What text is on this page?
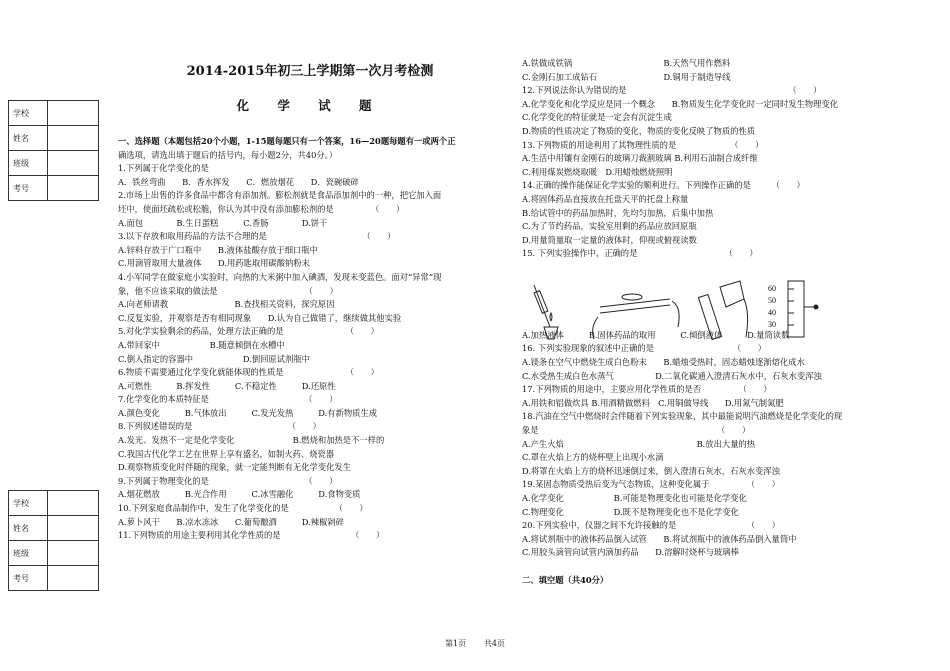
2014-2015年初三上学期第一次月考检测
化 学 试 题
学校	
姓名	
班级	
考号	
学校	
姓名	
班级	
考号	
一、选择题（本题包括20个小题，1-15题每题只有一个答案，16—20题每题有一或两个正
确选项，请选出填于题后的括号内，每小题2分，共40分。）
1.下列属于化学变化的是
A．铁丝弯曲　　B．香水挥发　　C．燃放烟花　　D．瓷碗破碎
2.市场上出售的许多食品中都含有添加剂。膨松剂就是食品添加剂中的一种，把它加入面
坯中，使面坯疏松或松脆，你认为其中没有添加膨松剂的是　　　　　（　　）
A.面包　　　　B.生日蛋糕　　　C.香肠　　　　D.饼干
3.以下存放和取用药品的方法不合理的是　　　　　　　　　　　　（　　）
A.锌料存放于广口瓶中　　B.液体盐酸存放于细口瓶中
C.用滴管取用大量液体　　D.用药匙取用碳酸钠粉末
4.小军同学在做家庭小实验时，向热的大米粥中加入碘酒，发现未变蓝色。面对“异常”现
象，他不应该采取的做法是　　　　　　　　　　　（　　）
A.向老师请教　　　　　　　　B.查找相关资料，探究原因
C.反复实验，并观察是否有相同现象　　D.认为自己做错了，继续做其他实验
5.对化学实验剩余的药品，处理方法正确的是　　　　　　　　（　　）
A.带回家中　　　　　　B.随意倾倒在水槽中
C.倒入指定的容器中　　　　　　D.倒回原试剂瓶中
6.物质不需要通过化学变化就能体现的性质是　　　　　　　　（　　）
A.可燃性　　　B.挥发性　　　C.不稳定性　　　D.还原性
7.化学变化的本质特征是　　　　　　　　　　　　（　　）
A.颜色变化　　　B.气体放出　　　C.发光发热　　　D.有新物质生成
8.下列叙述错误的是　　　　　　　　　　　　（　　）
A.发光、发热不一定是化学变化　　　　　　　B.燃烧和加热是不一样的
C.我国古代化学工艺在世界上享有盛名，如制火药、烧瓷器
D.观察物质变化时伴随的现象，就一定能判断有无化学变化发生
9.下列属于物理变化的是　　　　　　　　　　　　（　　）
A.烟花燃放　　　B.光合作用　　　C.冰雪融化　　　D.食物变质
10.下列家庭食品制作中，发生了化学变化的是　　　　　　（　　）
A.萝卜风干　　B.凉水冻冰　　C.葡萄酿酒　　　D.辣椒剁碎
11.下列物质的用途主要利用其化学性质的是　　　　　　　　　（　　）
A.铁做成铁锅　　　　　　　　　　　B.天然气用作燃料
C.金刚石加工成钻石　　　　　　　　D.铜用于制造导线
12.下列说法你认为错误的是　　　　　　　　　　　　　　　　　　　　（　　）
A.化学变化和化学反应是同一个概念　　B.物质发生化学变化时一定同时发生物理变化
C.化学变化的特征就是一定会有沉淀生成
D.物质的性质决定了物质的变化，物质的变化反映了物质的性质
13.下列物质的用途利用了其物理性质的是　　　　　　　（　　）
A.生活中用镶有金刚石的玻璃刀裁割玻璃 B.利用石油制合成纤维
C.利用煤炭燃烧取暖　D.用蜡烛燃烧照明
14.正确的操作能保证化学实验的顺利进行。下列操作正确的是　　　（　　）
A.将固体药品直接放在托盘天平的托盘上称量
B.给试管中的药品加热时，先均匀加热，后集中加热
C.为了节约药品，实验室用剩的药品应放回原瓶
D.用量筒量取一定量的液体时，仰视或俯视读数
15. 下列实验操作中，正确的是　　　　　　　　　　　（　　）
A.加热液体　　　B.固体药品的取用　　　C.倾倒液体　　　D.量筒读数
16. 下列实验现象的叙述中正确的是　　　　　　　　　　（　　）
A.镁条在空气中燃烧生成白色粉末　　B.蜡烛受热时，固态蜡烛逐渐熔化成水
C.水受热生成白色水蒸气　　　　　D.二氧化碳通入澄清石灰水中，石灰水变浑浊
17.下列物质的用途中，主要应用化学性质的是否　　　　　（　　）
A.用铁和铝做炊具 B.用酒精做燃料　C.用铜做导线　　D.用氮气制氮肥
18.汽油在空气中燃烧时会伴随着下列实验现象，其中最能说明汽油燃烧是化学变化的现
象是　　　　　　　　　　　　　　　　　　　　　　（　　）
A.产生火焰　　　　　　　　　　　　　　　　B.放出大量的热
C.罩在火焰上方的烧杯壁上出现小水滴
D.将罩在火焰上方的烧杯迅速倒过来，倒入澄清石灰水，石灰水变浑浊
19.某固态物质受热后变为气态物质，这种变化属于　　　　　（　　）
A.化学变化　　　　　　B.可能是物理变化也可能是化学变化
C.物理变化　　　　　　D.既不是物理变化也不是化学变化
20.下列实验中，仪器之间不允许接触的是　　　　　　　　　（　　）
A.将试剂瓶中的液体药品倒入试管　　B.将试剂瓶中的液体药品倒入量筒中
C.用胶头滴管向试管内滴加药品　　D.溶解时烧杯与玻璃棒
二、填空题（共40分）
60
50
40
30
第1页 共4页
